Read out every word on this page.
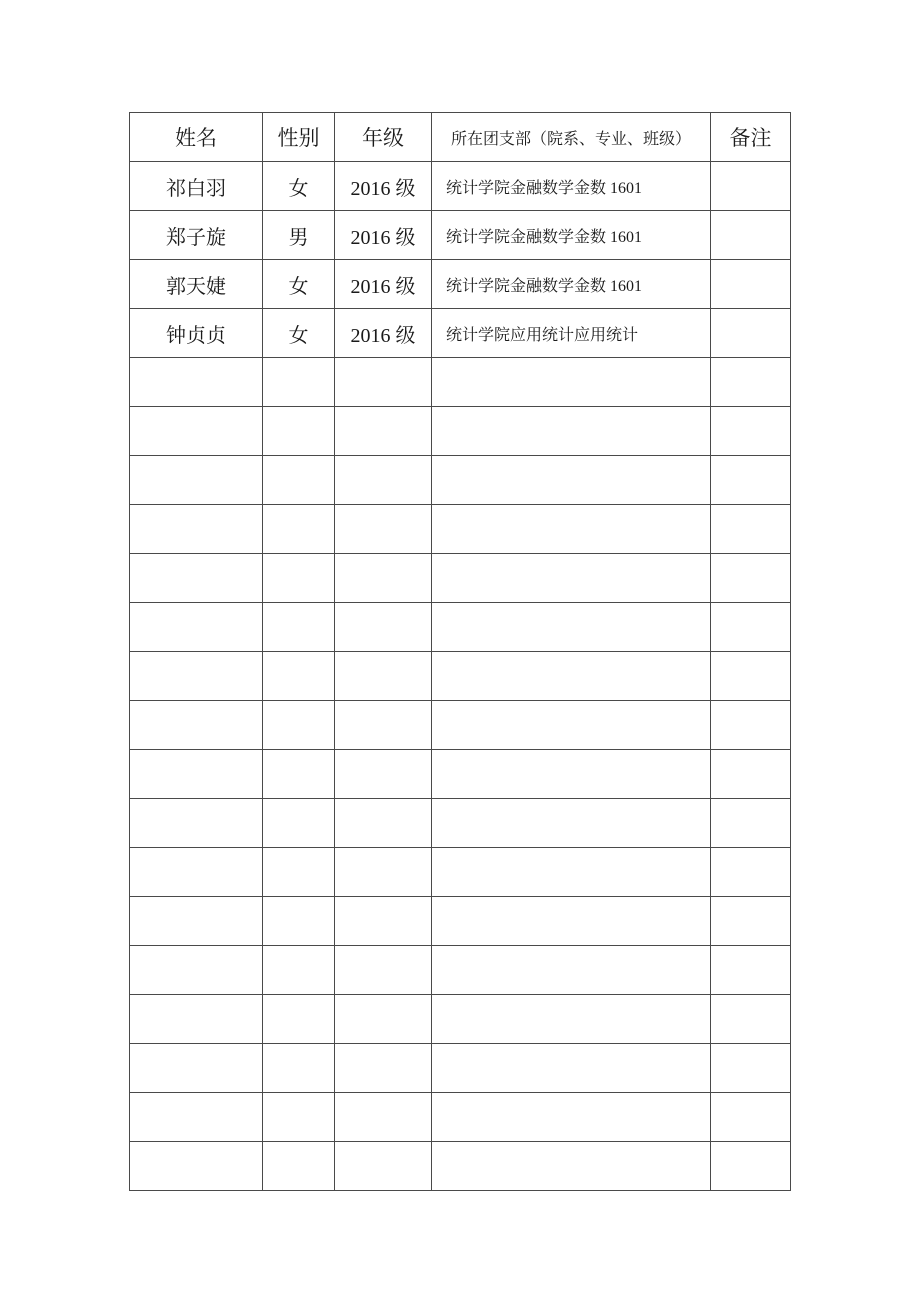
姓名	性别	年级	所在团支部（院系、专业、班级）	备注
祁白羽	女	2016 级	统计学院金融数学金数 1601	
郑子旋	男	2016 级	统计学院金融数学金数 1601	
郭天婕	女	2016 级	统计学院金融数学金数 1601	
钟贞贞	女	2016 级	统计学院应用统计应用统计	
